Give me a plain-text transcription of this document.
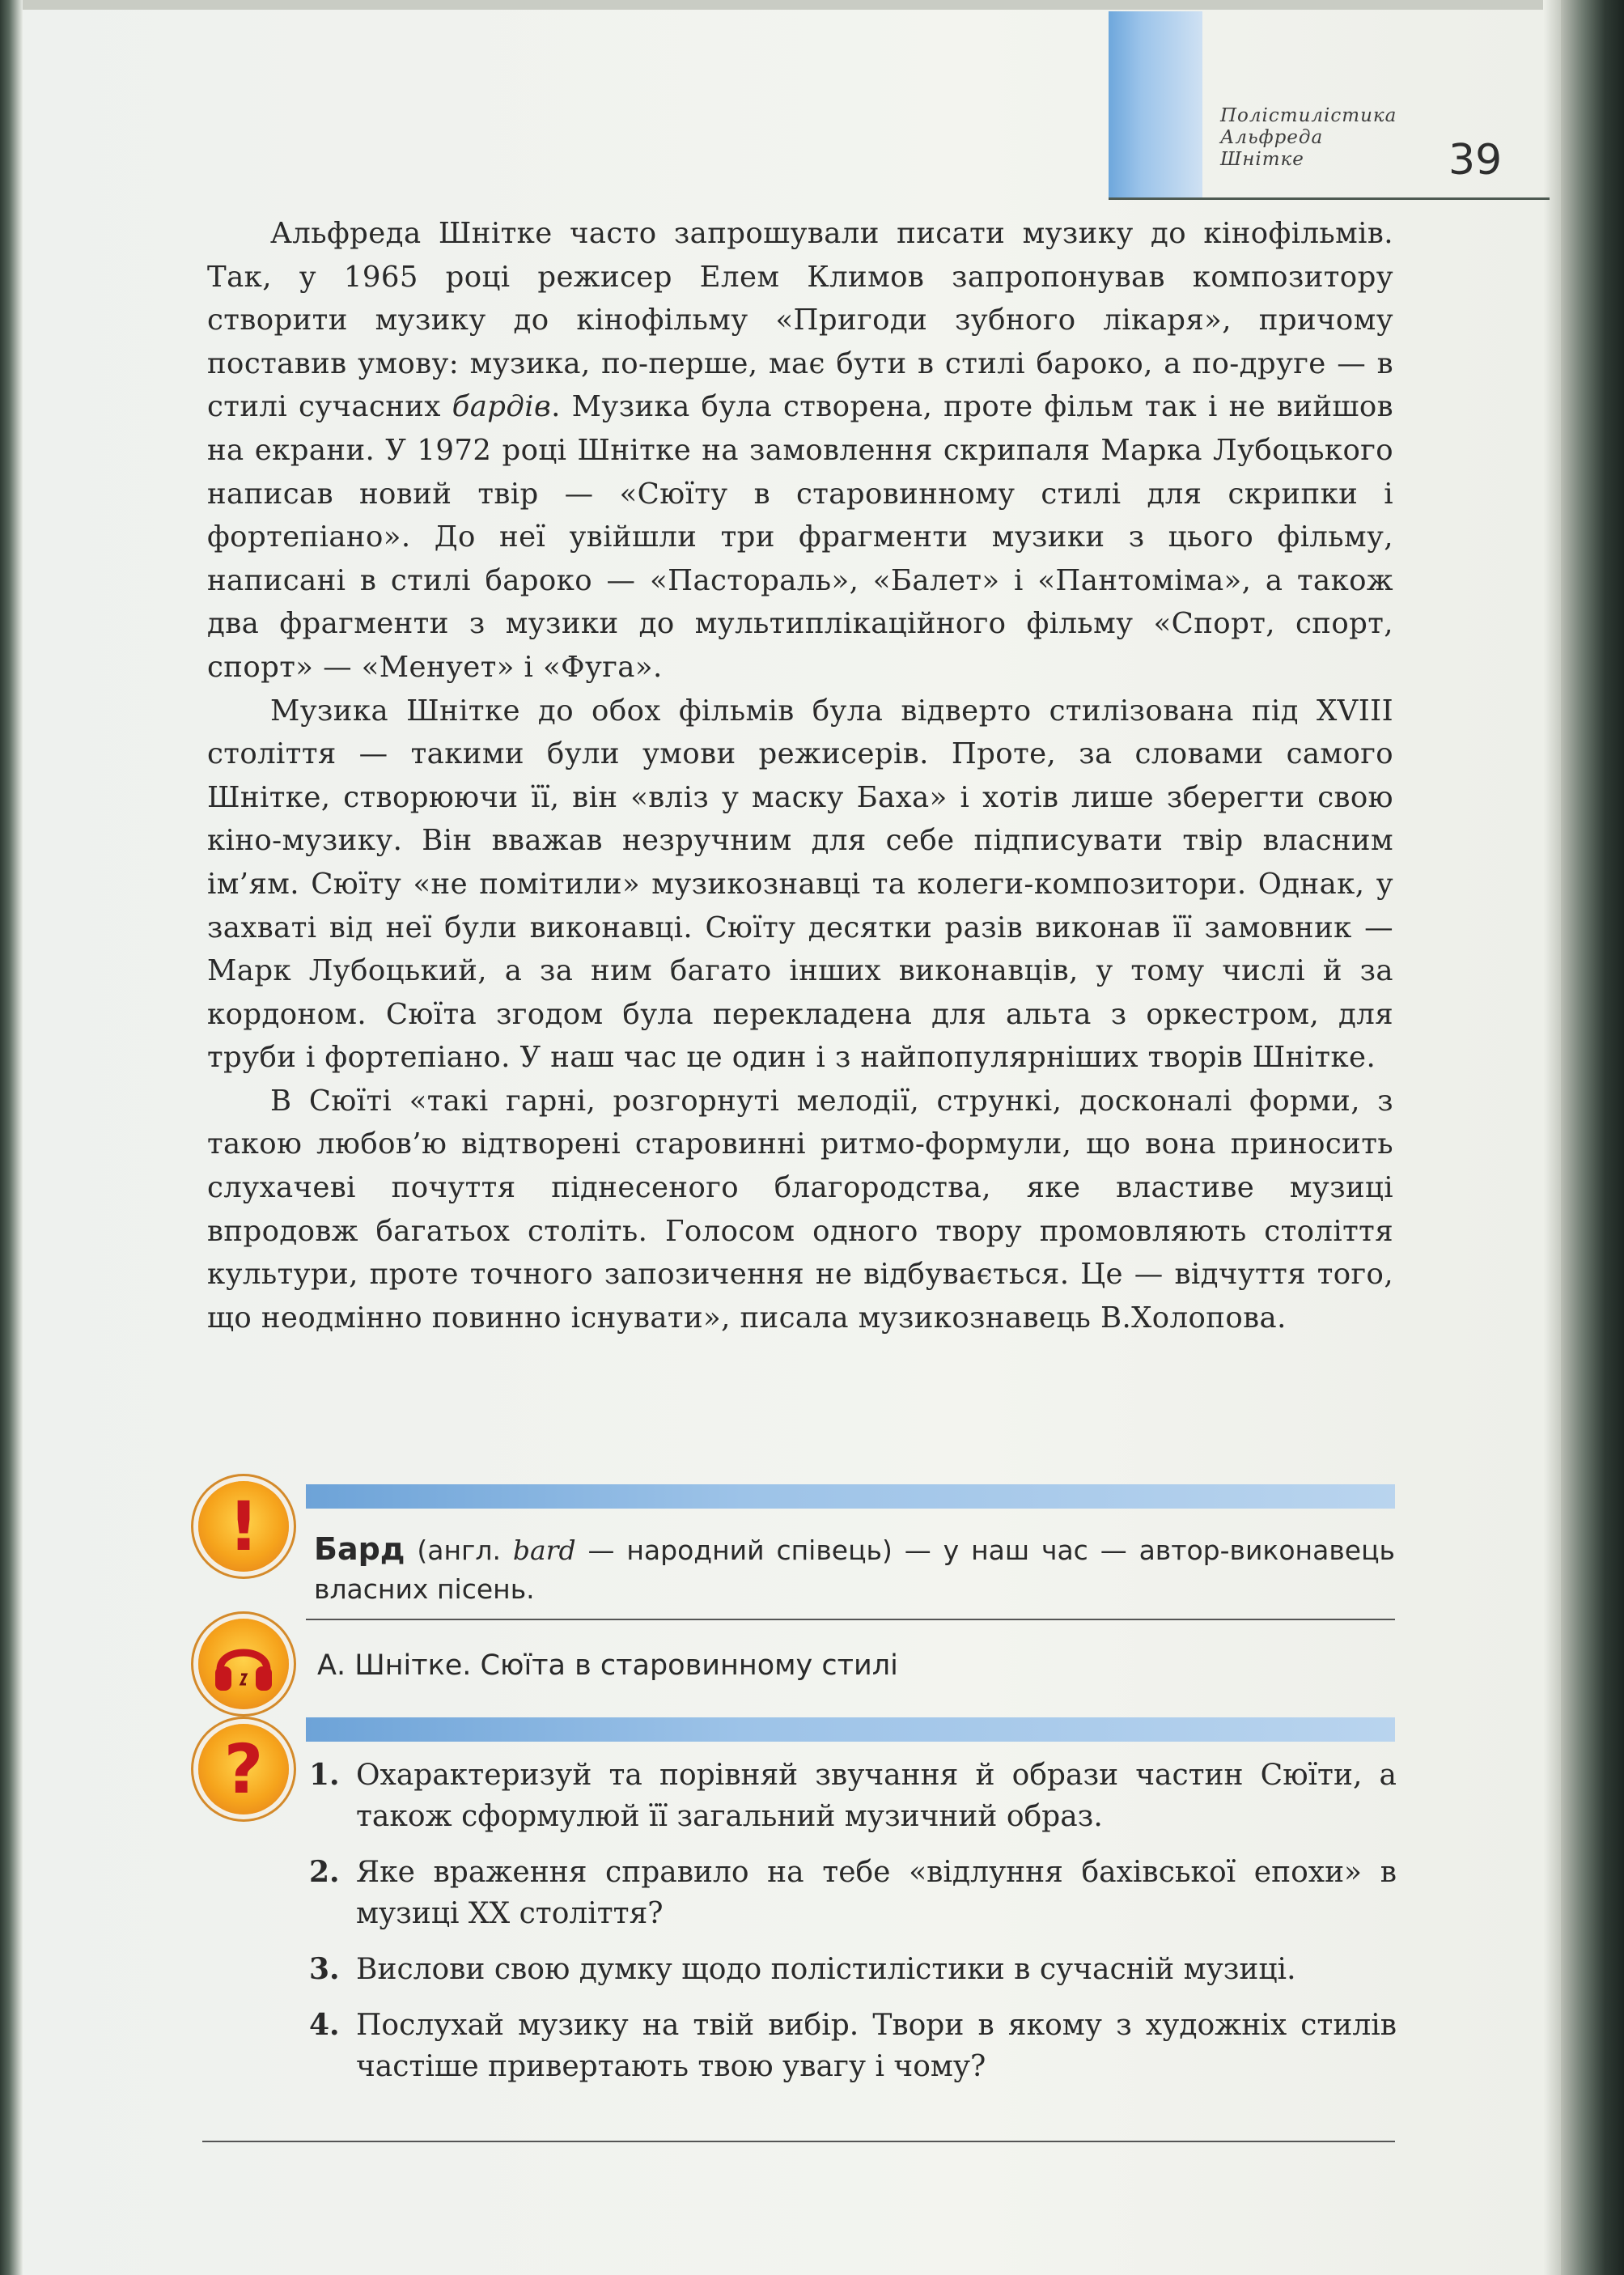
Полістилістика
Альфреда
Шнітке	39

Альфреда Шнітке часто запрошували писати музику до кінофільмів. Так, у 1965 році режисер Елем Климов запропонував композитору створити музику до кінофільму «Пригоди зубного лікаря», причому поставив умову: музика, по-перше, має бути в стилі бароко, а по-друге — в стилі сучасних бардів. Музика була створена, проте фільм так і не вийшов на екрани. У 1972 році Шнітке на замовлення скрипаля Марка Лубоцького написав новий твір — «Сюїту в старовинному стилі для скрипки і фортепіано». До неї увійшли три фрагменти музики з цього фільму, написані в стилі бароко — «Пастораль», «Балет» і «Пантоміма», а також два фрагменти з музики до мультиплікаційного фільму «Спорт, спорт, спорт» — «Менует» і «Фуга».

Музика Шнітке до обох фільмів була відверто стилізована під XVIII століття — такими були умови режисерів. Проте, за словами самого Шнітке, створюючи її, він «вліз у маску Баха» і хотів лише зберегти свою кіно-музику. Він вважав незручним для себе підписувати твір власним ім’ям. Сюїту «не помітили» музикознавці та колеги-композитори. Однак, у захваті від неї були виконавці. Сюїту десятки разів виконав її замовник — Марк Лубоцький, а за ним багато інших виконавців, у тому числі й за кордоном. Сюїта згодом була перекладена для альта з оркестром, для труби і фортепіано. У наш час це один і з найпопулярніших творів Шнітке.

В Сюїті «такі гарні, розгорнуті мелодії, стрункі, досконалі форми, з такою любов’ю відтворені старовинні ритмо-формули, що вона приносить слухачеві почуття піднесеного благородства, яке властиве музиці впродовж багатьох століть. Голосом одного твору промовляють століття культури, проте точного запозичення не відбувається. Це — відчуття того, що неодмінно повинно існувати», писала музикознавець В.Холопова.

! Бард (англ. bard — народний співець) — у наш час — автор-виконавець власних пісень.
А. Шнітке. Сюїта в старовинному стилі
? 1. Охарактеризуй та порівняй звучання й образи частин Сюїти, а також сформулюй її загальний музичний образ.
2. Яке враження справило на тебе «відлуння бахівської епохи» в музиці XX століття?
3. Вислови свою думку щодо полістилістики в сучасній музиці.
4. Послухай музику на твій вибір. Твори в якому з художніх стилів частіше привертають твою увагу і чому?
